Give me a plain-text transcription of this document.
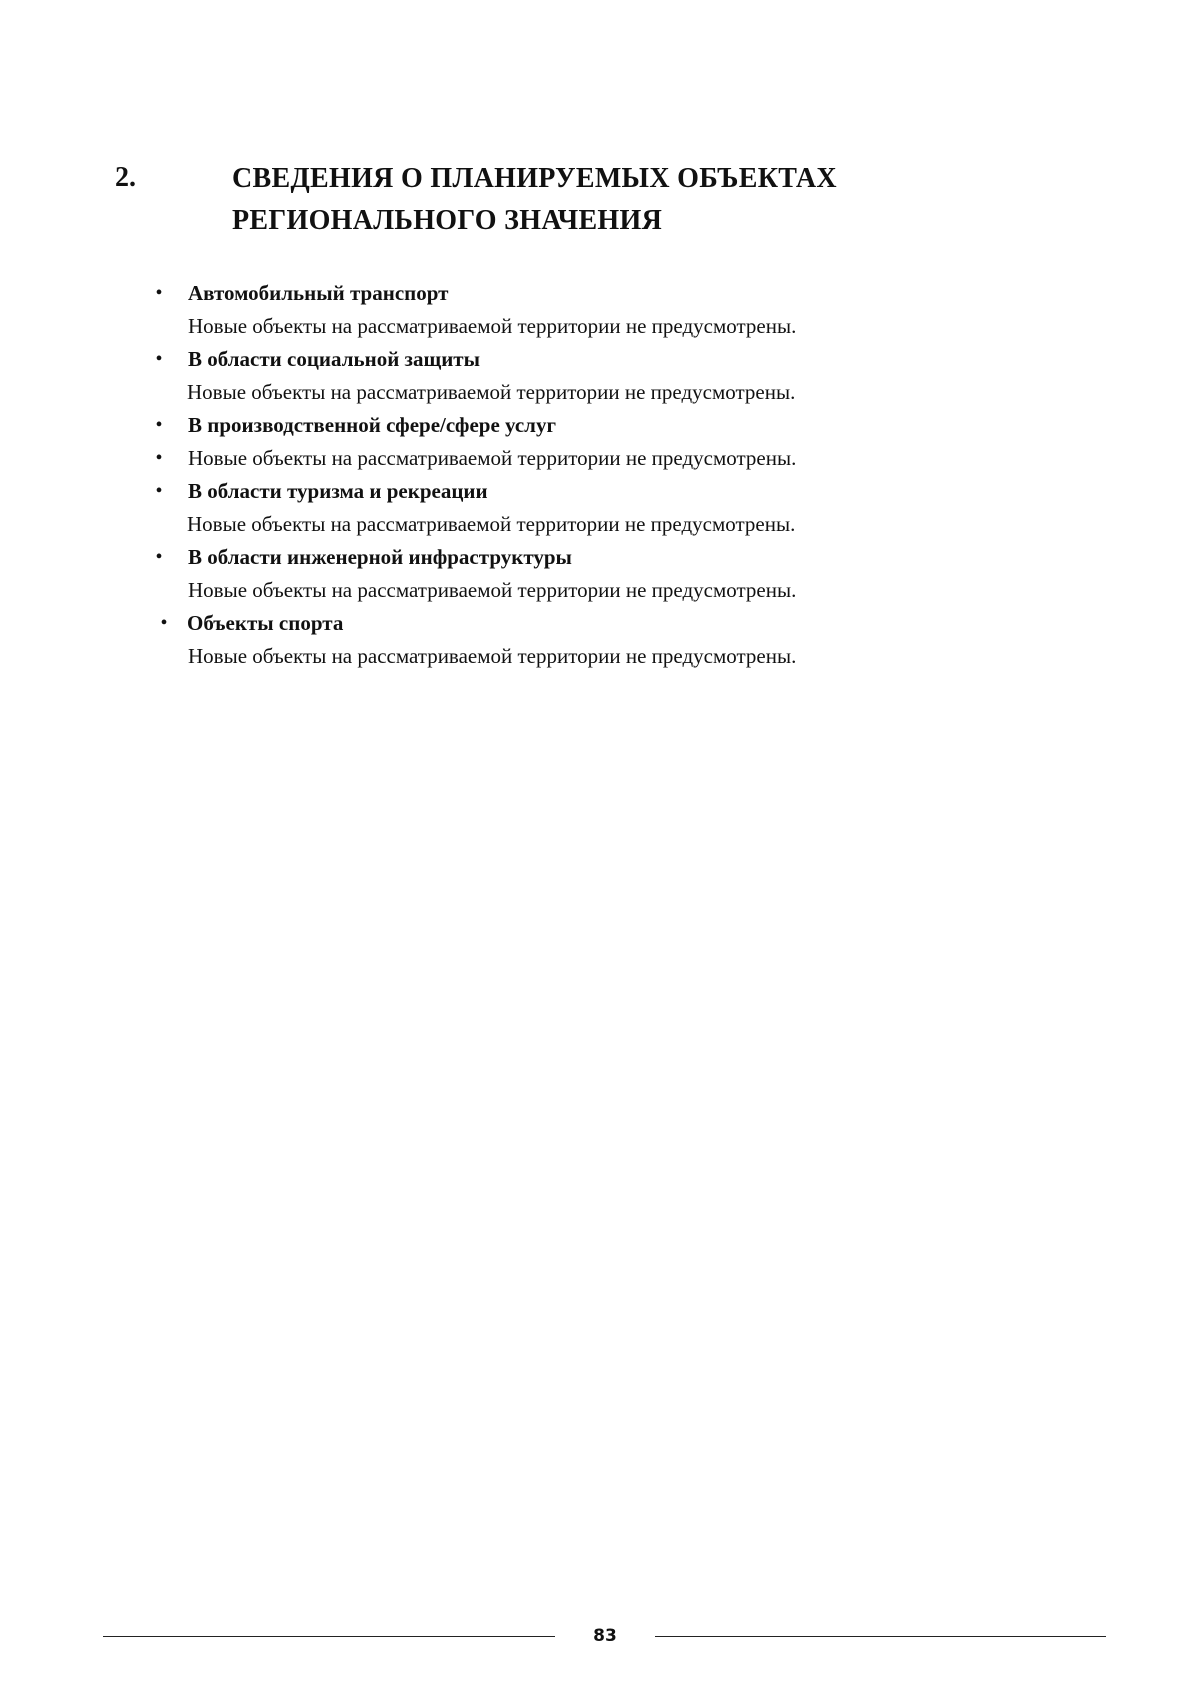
2.	СВЕДЕНИЯ О ПЛАНИРУЕМЫХ ОБЪЕКТАХ
РЕГИОНАЛЬНОГО ЗНАЧЕНИЯ
• Автомобильный транспорт
Новые объекты на рассматриваемой территории не предусмотрены.
• В области социальной защиты
Новые объекты на рассматриваемой территории не предусмотрены.
• В производственной сфере/сфере услуг
• Новые объекты на рассматриваемой территории не предусмотрены.
• В области туризма и рекреации
Новые объекты на рассматриваемой территории не предусмотрены.
• В области инженерной инфраструктуры
Новые объекты на рассматриваемой территории не предусмотрены.
• Объекты спорта
Новые объекты на рассматриваемой территории не предусмотрены.
83
